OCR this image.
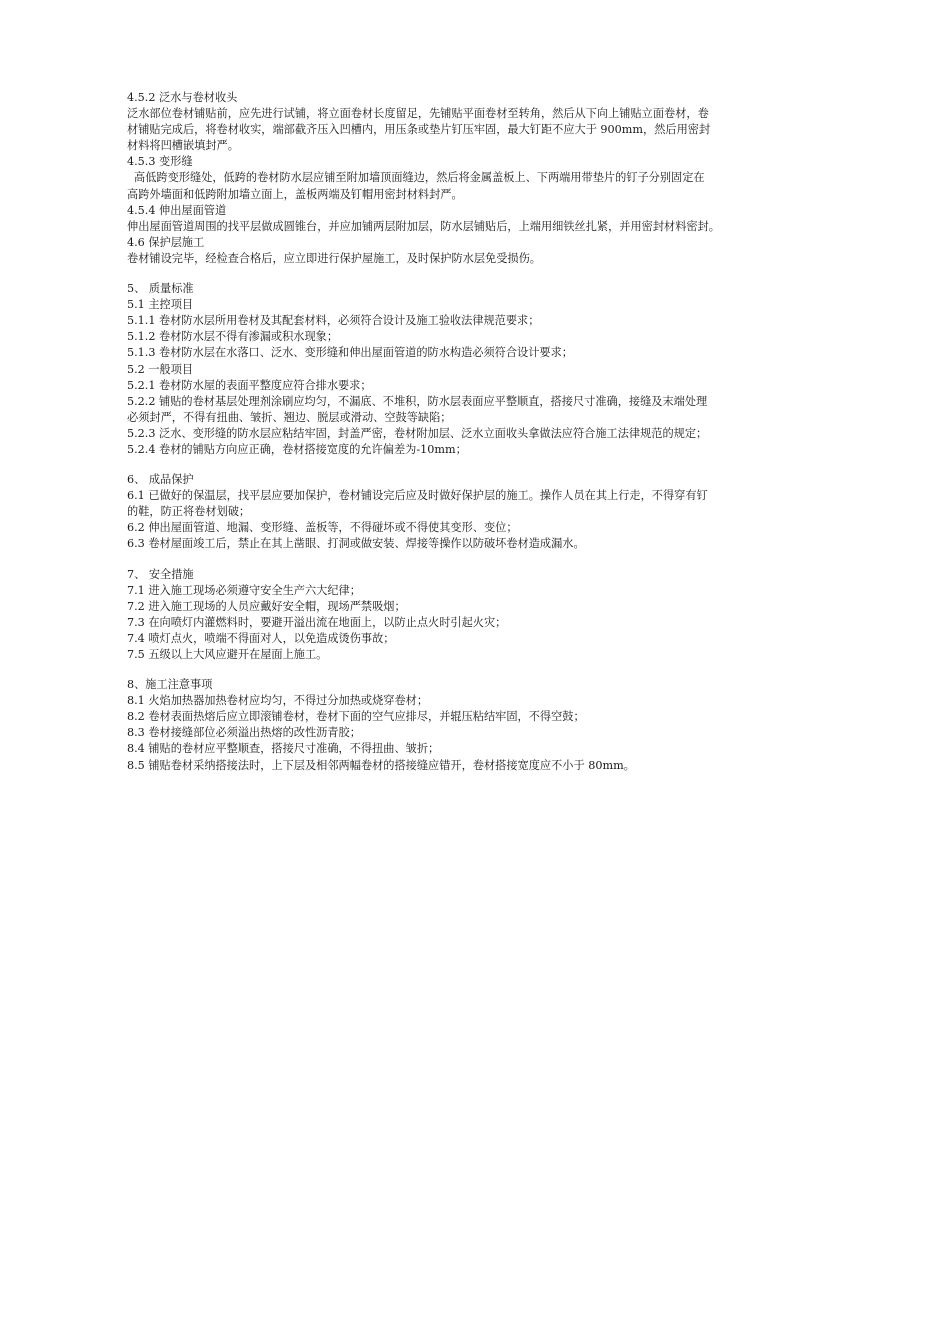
4.5.2 泛水与卷材收头
泛水部位卷材铺贴前，应先进行试铺，将立面卷材长度留足，先铺贴平面卷材至转角，然后从下向上铺贴立面卷材，卷
材铺贴完成后，将卷材收实，端部截齐压入凹槽内，用压条或垫片钉压牢固，最大钉距不应大于 900mm，然后用密封
材料将凹槽嵌填封严。
4.5.3 变形缝
高低跨变形缝处，低跨的卷材防水层应铺至附加墙顶面缝边，然后将金属盖板上、下两端用带垫片的钉子分别固定在
高跨外墙面和低跨附加墙立面上，盖板两端及钉帽用密封材料封严。
4.5.4 伸出屋面管道
伸出屋面管道周围的找平层做成圆锥台，并应加铺两层附加层，防水层铺贴后，上端用细铁丝扎紧，并用密封材料密封。
4.6 保护层施工
卷材铺设完毕，经检查合格后，应立即进行保护屋施工，及时保护防水层免受损伤。
5、 质量标准
5.1 主控项目
5.1.1 卷材防水层所用卷材及其配套材料，必须符合设计及施工验收法律规范要求；
5.1.2 卷材防水层不得有渗漏或积水现象；
5.1.3 卷材防水层在水落口、泛水、变形缝和伸出屋面管道的防水构造必须符合设计要求；
5.2 一般项目
5.2.1 卷材防水屋的表面平整度应符合排水要求；
5.2.2 铺贴的卷材基层处理剂涂刷应均匀，不漏底、不堆积，防水层表面应平整顺直，搭接尺寸准确，接缝及末端处理
必须封严，不得有扭曲、皱折、翘边、脱层或滑动、空鼓等缺陷；
5.2.3 泛水、变形缝的防水层应粘结牢固，封盖严密，卷材附加层、泛水立面收头拿做法应符合施工法律规范的规定；
5.2.4 卷材的铺贴方向应正确，卷材搭接宽度的允许偏差为-10mm；
6、 成品保护
6.1 已做好的保温层，找平层应要加保护，卷材铺设完后应及时做好保护层的施工。操作人员在其上行走，不得穿有钉
的鞋，防正将卷材划破；
6.2 伸出屋面管道、地漏、变形缝、盖板等，不得碰坏或不得使其变形、变位；
6.3 卷材屋面竣工后，禁止在其上凿眼、打洞或做安装、焊接等操作以防破坏卷材造成漏水。
7、 安全措施
7.1 进入施工现场必须遵守安全生产六大纪律；
7.2 进入施工现场的人员应戴好安全帽，现场严禁吸烟；
7.3 在向喷灯内灌燃料时，要避开溢出流在地面上，以防止点火时引起火灾；
7.4 喷灯点火，喷端不得面对人，以免造成烫伤事故；
7.5 五级以上大风应避开在屋面上施工。
8、施工注意事项
8.1 火焰加热器加热卷材应均匀，不得过分加热或烧穿卷材；
8.2 卷材表面热熔后应立即滚铺卷材，卷材下面的空气应排尽，并辊压粘结牢固，不得空鼓；
8.3 卷材接缝部位必须溢出热熔的改性沥青胶；
8.4 铺贴的卷材应平整顺查，搭接尺寸准确，不得扭曲、皱折；
8.5 铺贴卷材采纳搭接法时，上下层及相邻两幅卷材的搭接缝应错开，卷材搭接宽度应不小于 80mm。
